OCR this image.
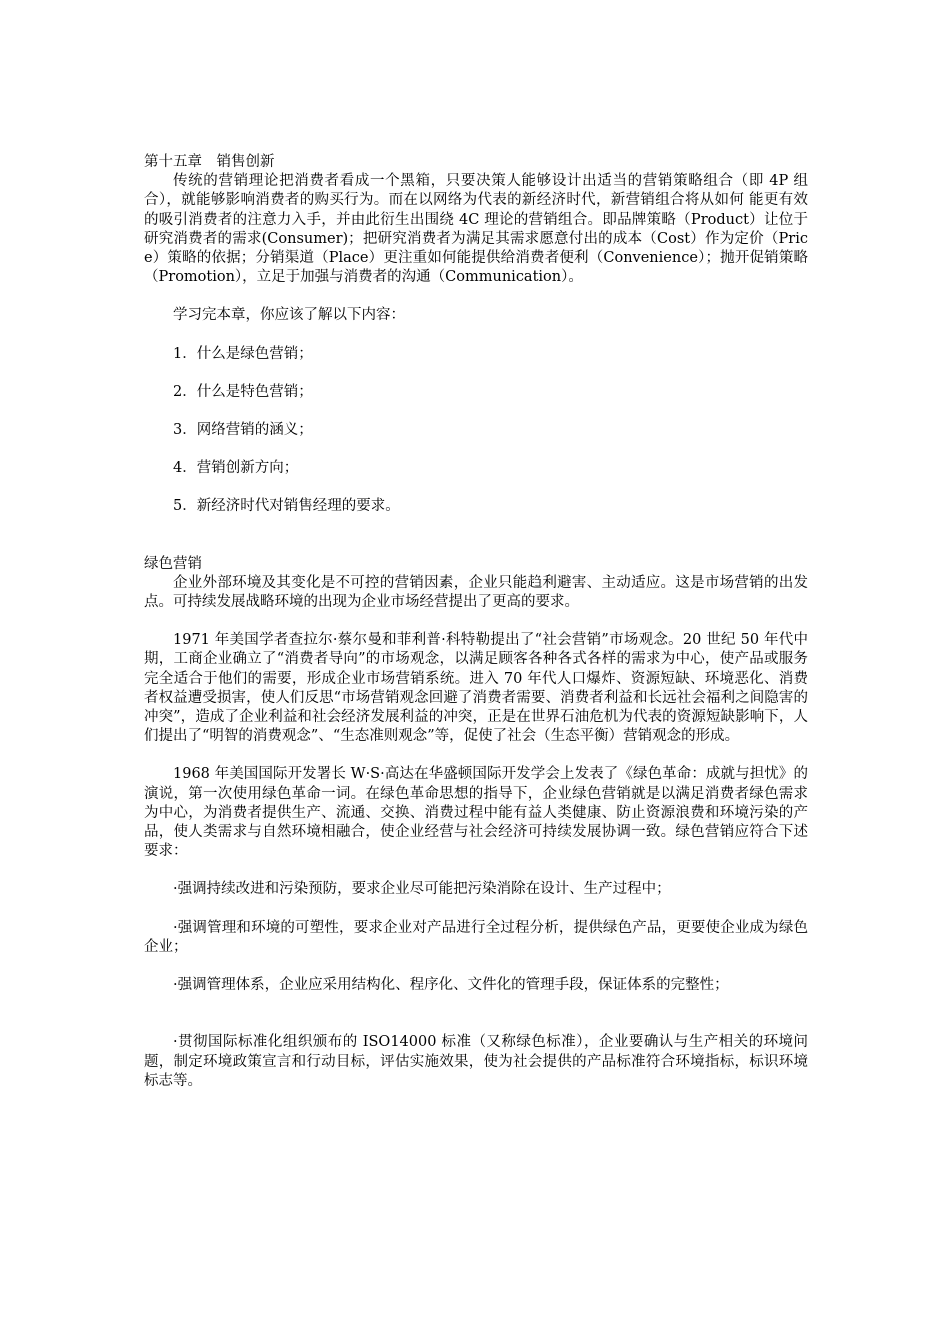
第十五章　销售创新

传统的营销理论把消费者看成一个黑箱，只要决策人能够设计出适当的营销策略组合（即 4P 组合），就能够影响消费者的购买行为。而在以网络为代表的新经济时代，新营销组合将从如何 能更有效的吸引消费者的注意力入手，并由此衍生出围绕 4C 理论的营销组合。即品牌策略（Product）让位于研究消费者的需求(Consumer)；把研究消费者为满足其需求愿意付出的成本（Cost）作为定价（Price）策略的依据；分销渠道（Place）更注重如何能提供给消费者便利（Convenience）；抛开促销策略（Promotion），立足于加强与消费者的沟通（Communication）。

学习完本章，你应该了解以下内容：

1．什么是绿色营销；

2．什么是特色营销；

3．网络营销的涵义；

4．营销创新方向；

5．新经济时代对销售经理的要求。

绿色营销

企业外部环境及其变化是不可控的营销因素，企业只能趋利避害、主动适应。这是市场营销的出发点。可持续发展战略环境的出现为企业市场经营提出了更高的要求。

1971 年美国学者查拉尔·蔡尔曼和菲利普·科特勒提出了“社会营销”市场观念。20 世纪 50 年代中期，工商企业确立了“消费者导向”的市场观念，以满足顾客各种各式各样的需求为中心，使产品或服务完全适合于他们的需要，形成企业市场营销系统。进入 70 年代人口爆炸、资源短缺、环境恶化、消费者权益遭受损害，使人们反思“市场营销观念回避了消费者需要、消费者利益和长远社会福利之间隐害的冲突”，造成了企业利益和社会经济发展利益的冲突，正是在世界石油危机为代表的资源短缺影响下，人们提出了“明智的消费观念”、“生态准则观念”等，促使了社会（生态平衡）营销观念的形成。

1968 年美国国际开发署长 W·S·高达在华盛顿国际开发学会上发表了《绿色革命：成就与担忧》的演说，第一次使用绿色革命一词。在绿色革命思想的指导下，企业绿色营销就是以满足消费者绿色需求为中心，为消费者提供生产、流通、交换、消费过程中能有益人类健康、防止资源浪费和环境污染的产品，使人类需求与自然环境相融合，使企业经营与社会经济可持续发展协调一致。绿色营销应符合下述要求：

·强调持续改进和污染预防，要求企业尽可能把污染消除在设计、生产过程中；

·强调管理和环境的可塑性，要求企业对产品进行全过程分析，提供绿色产品，更要使企业成为绿色企业；

·强调管理体系，企业应采用结构化、程序化、文件化的管理手段，保证体系的完整性；

·贯彻国际标准化组织颁布的 ISO14000 标准（又称绿色标准），企业要确认与生产相关的环境问题，制定环境政策宣言和行动目标，评估实施效果，使为社会提供的产品标准符合环境指标，标识环境标志等。
